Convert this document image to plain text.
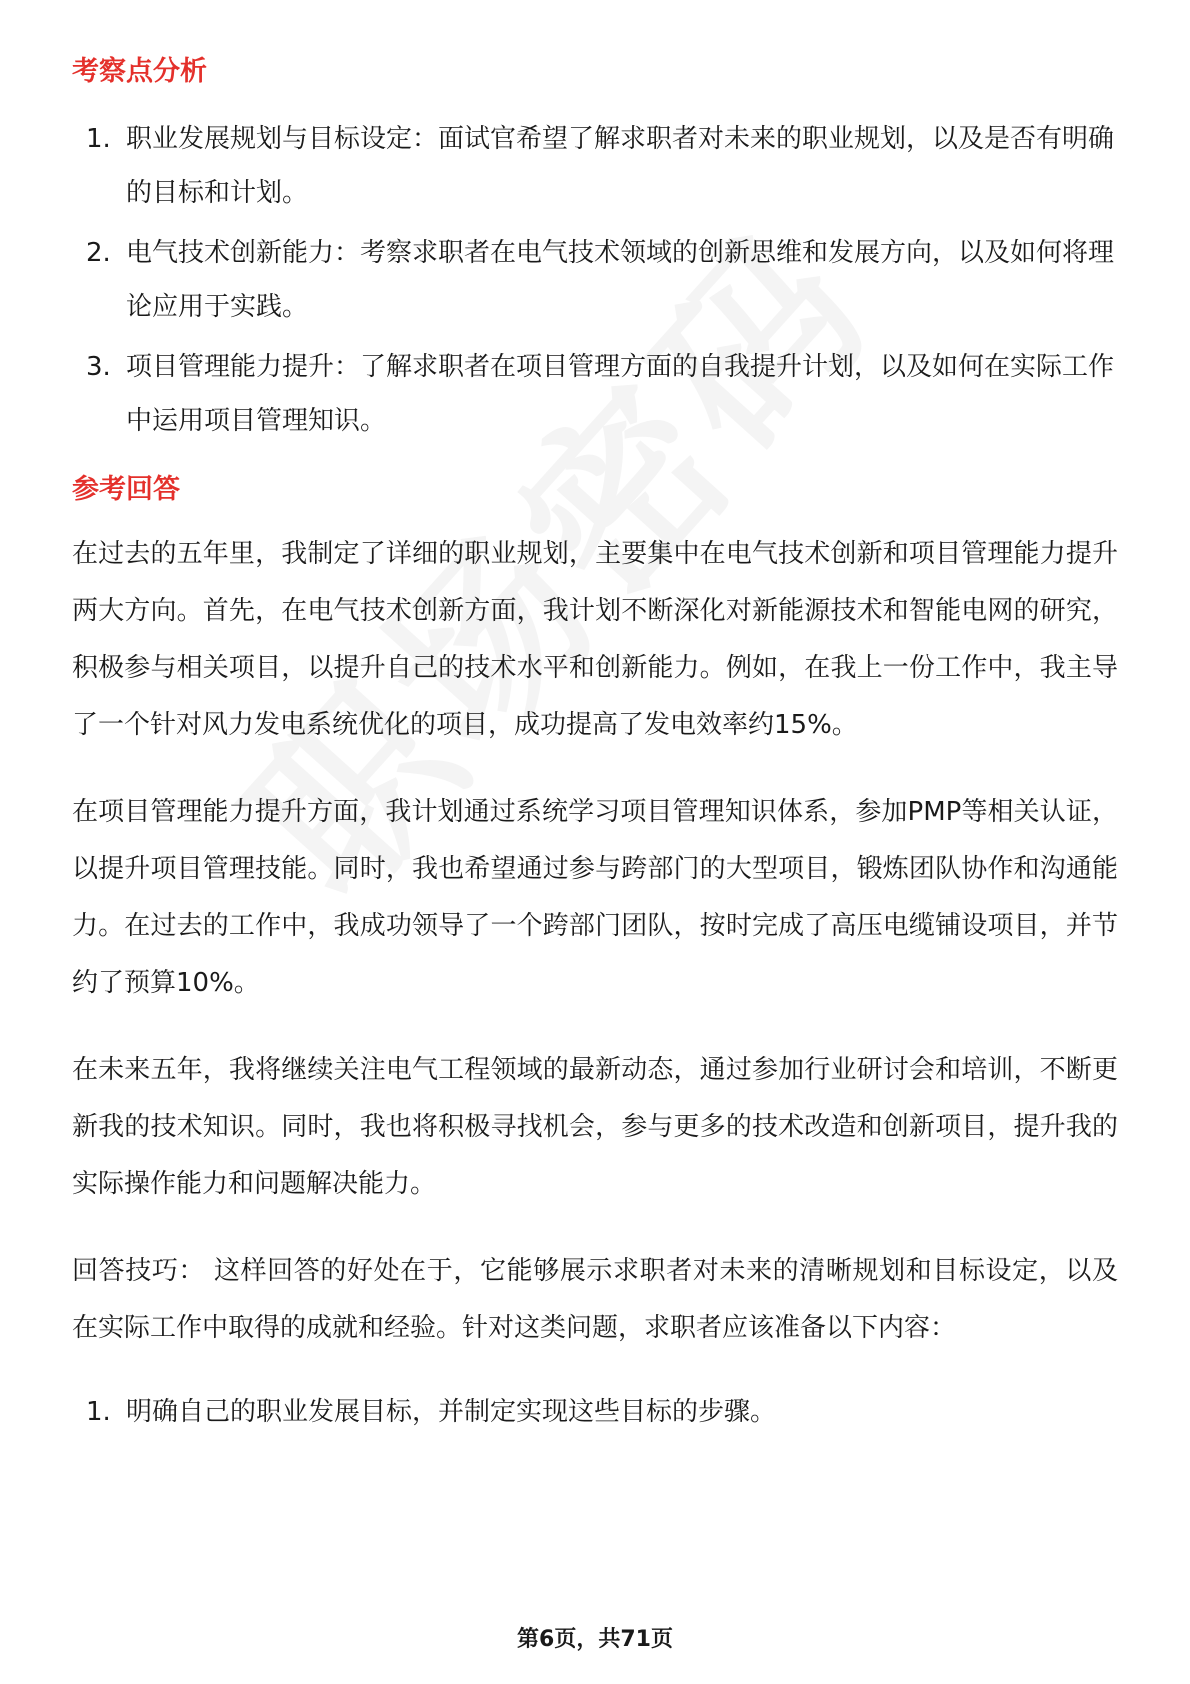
考察点分析
1. 职业发展规划与目标设定：面试官希望了解求职者对未来的职业规划，以及是否有明确的目标和计划。
2. 电气技术创新能力：考察求职者在电气技术领域的创新思维和发展方向，以及如何将理论应用于实践。
3. 项目管理能力提升：了解求职者在项目管理方面的自我提升计划，以及如何在实际工作中运用项目管理知识。
参考回答

在过去的五年里，我制定了详细的职业规划，主要集中在电气技术创新和项目管理能力提升两大方向。首先，在电气技术创新方面，我计划不断深化对新能源技术和智能电网的研究，积极参与相关项目，以提升自己的技术水平和创新能力。例如，在我上一份工作中，我主导了一个针对风力发电系统优化的项目，成功提高了发电效率约15%。

在项目管理能力提升方面，我计划通过系统学习项目管理知识体系，参加PMP等相关认证，以提升项目管理技能。同时，我也希望通过参与跨部门的大型项目，锻炼团队协作和沟通能力。在过去的工作中，我成功领导了一个跨部门团队，按时完成了高压电缆铺设项目，并节约了预算10%。

在未来五年，我将继续关注电气工程领域的最新动态，通过参加行业研讨会和培训，不断更新我的技术知识。同时，我也将积极寻找机会，参与更多的技术改造和创新项目，提升我的实际操作能力和问题解决能力。

回答技巧： 这样回答的好处在于，它能够展示求职者对未来的清晰规划和目标设定，以及在实际工作中取得的成就和经验。针对这类问题，求职者应该准备以下内容：

1. 明确自己的职业发展目标，并制定实现这些目标的步骤。
第6页，共71页
